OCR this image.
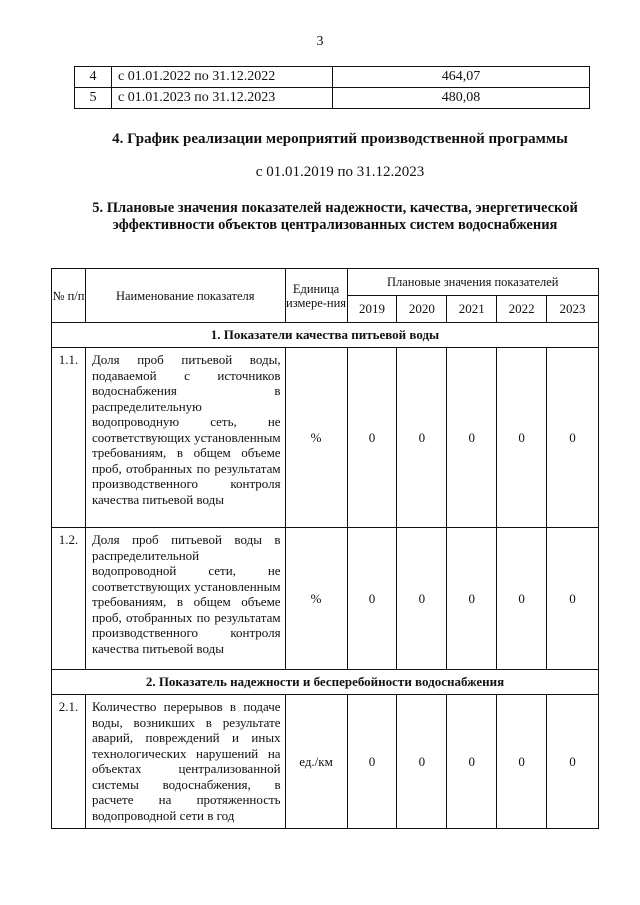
3
4	с 01.01.2022 по 31.12.2022	464,07
5	с 01.01.2023 по 31.12.2023	480,08
4. График реализации мероприятий производственной программы
с 01.01.2019 по 31.12.2023
5. Плановые значения показателей надежности, качества, энергетической эффективности объектов централизованных систем водоснабжения
№ п/п	Наименование показателя	Единица измере-ния	Плановые значения показателей				
			2019	2020	2021	2022	2023
1. Показатели качества питьевой воды							
1.1.	Доля проб питьевой воды, подаваемой с источников водоснабжения в распределительную водопроводную сеть, не соответствующих установленным требованиям, в общем объеме проб, отобранных по результатам производственного контроля качества питьевой воды	%	0	0	0	0	0
1.2.	Доля проб питьевой воды в распределительной водопроводной сети, не соответствующих установленным требованиям, в общем объеме проб, отобранных по результатам производственного контроля качества питьевой воды	%	0	0	0	0	0
2. Показатель надежности и бесперебойности водоснабжения							
2.1.	Количество перерывов в подаче воды, возникших в результате аварий, повреждений и иных технологических нарушений на объектах централизованной системы водоснабжения, в расчете на протяженность водопроводной сети в год	ед./км	0	0	0	0	0
